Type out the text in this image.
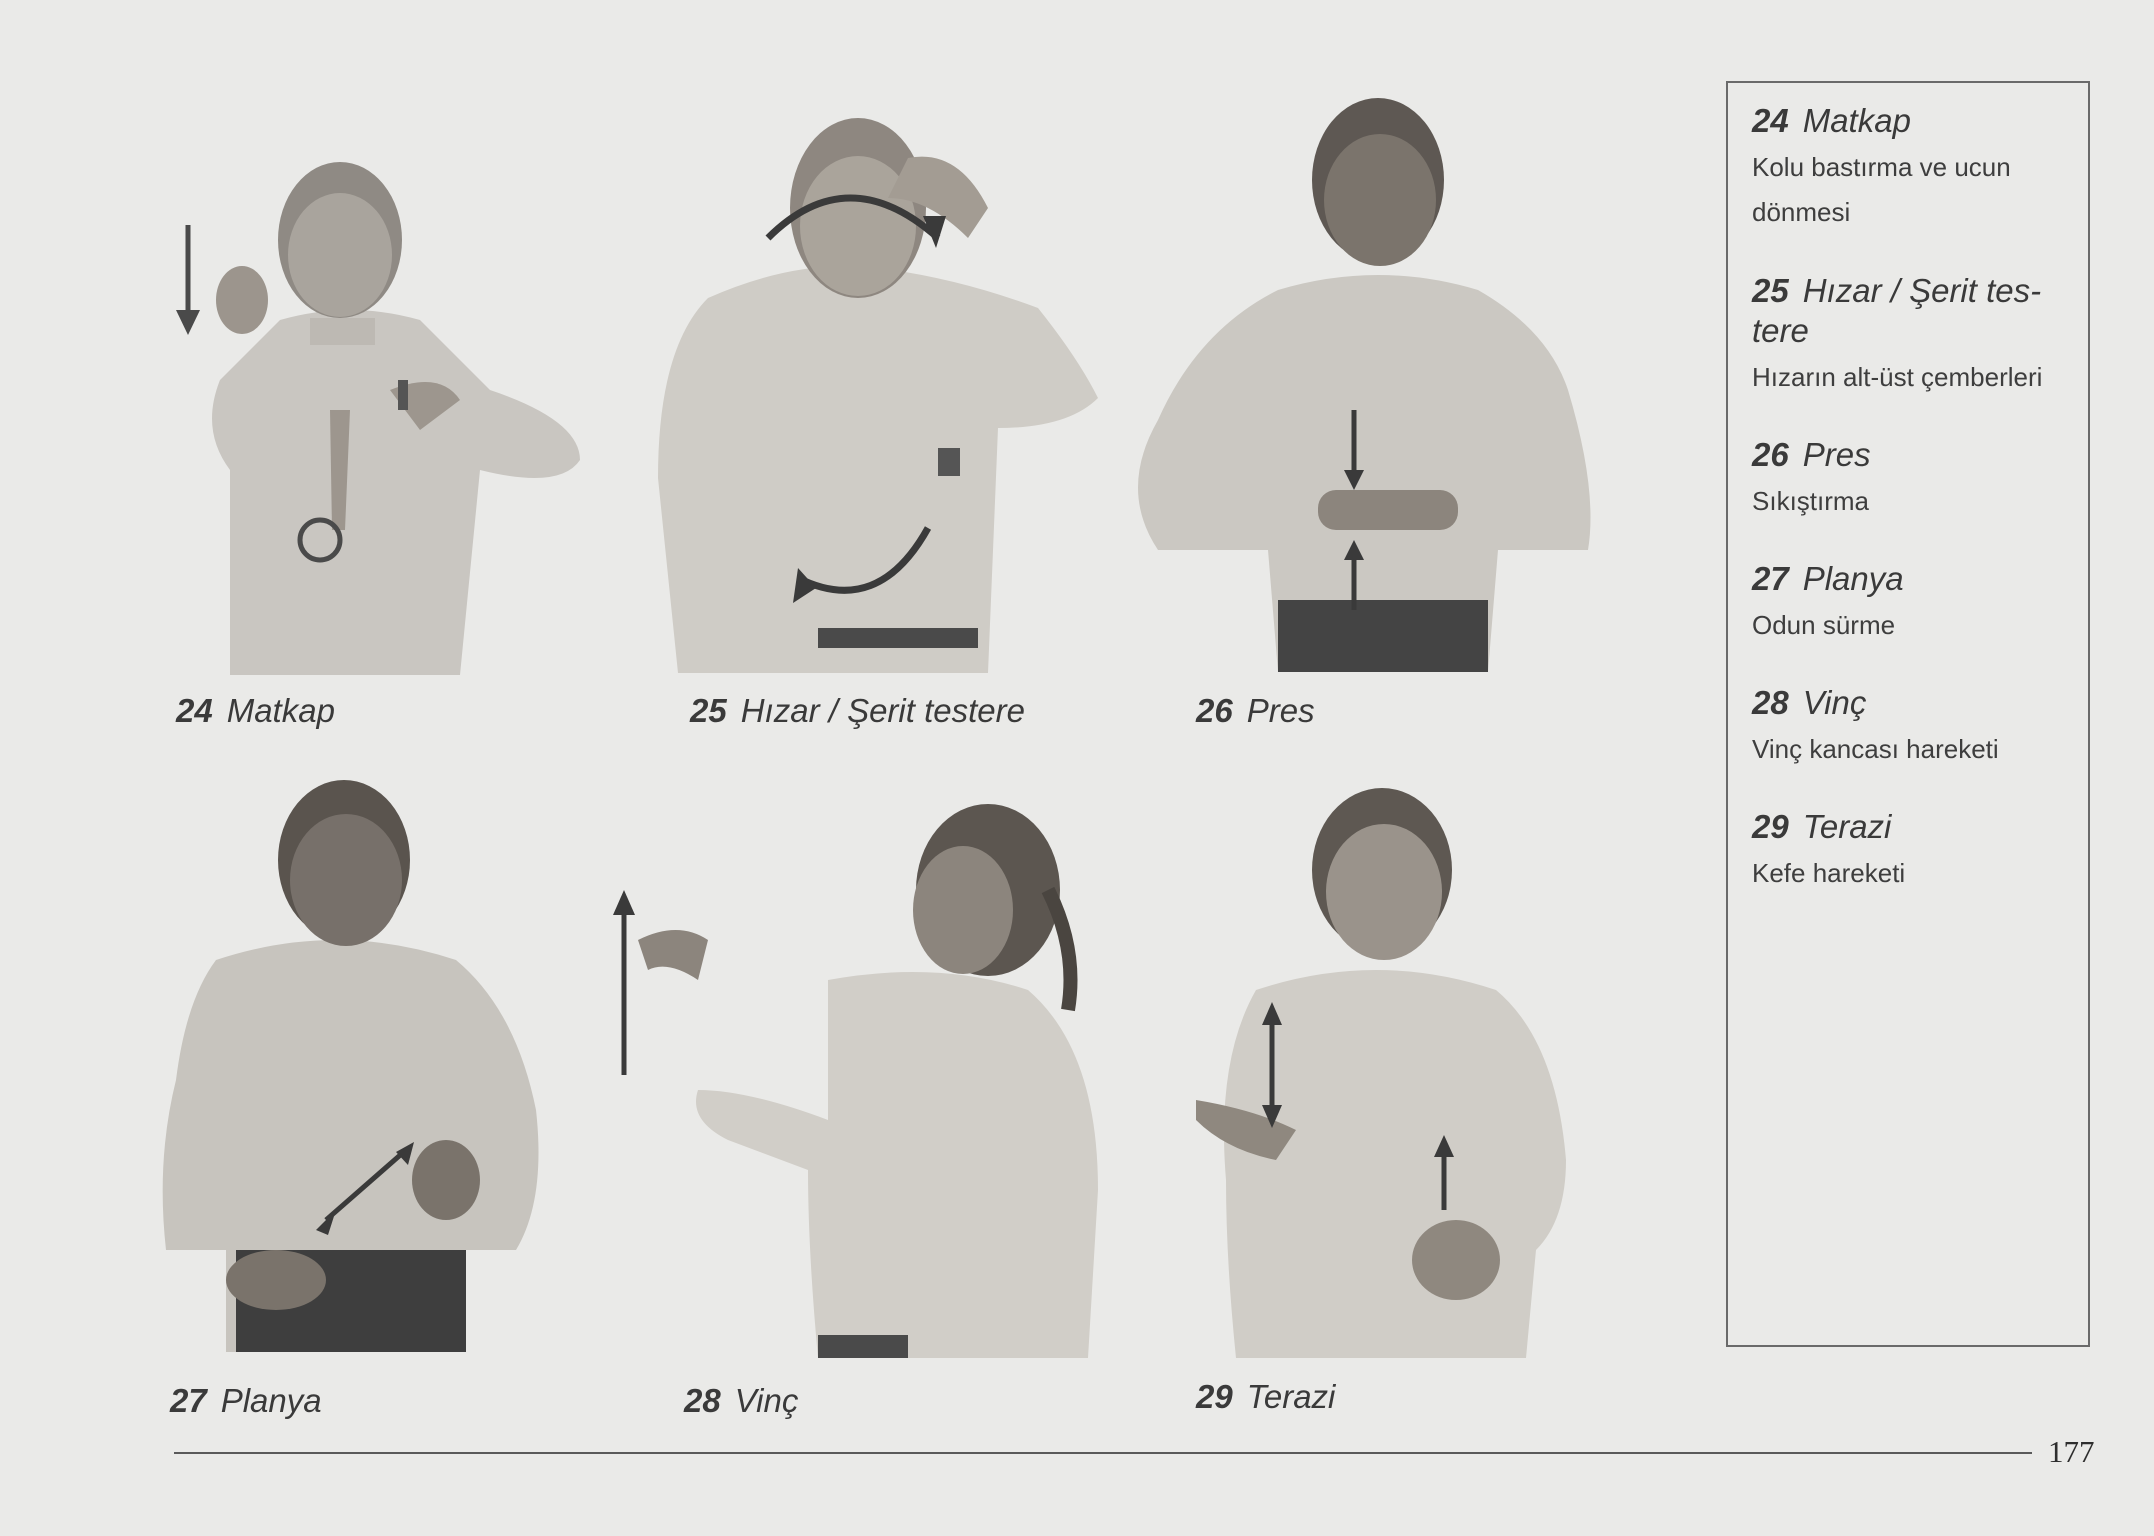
24 Matkap	25 Hızar / Şerit testere	26 Pres
27 Planya	28 Vinç	29 Terazi
24 Matkap
Kolu bastırma ve ucun dönmesi
25 Hızar / Şerit tes-tere
Hızarın alt-üst çemberleri
26 Pres
Sıkıştırma
27 Planya
Odun sürme
28 Vinç
Vinç kancası hareketi
29 Terazi
Kefe hareketi
177
